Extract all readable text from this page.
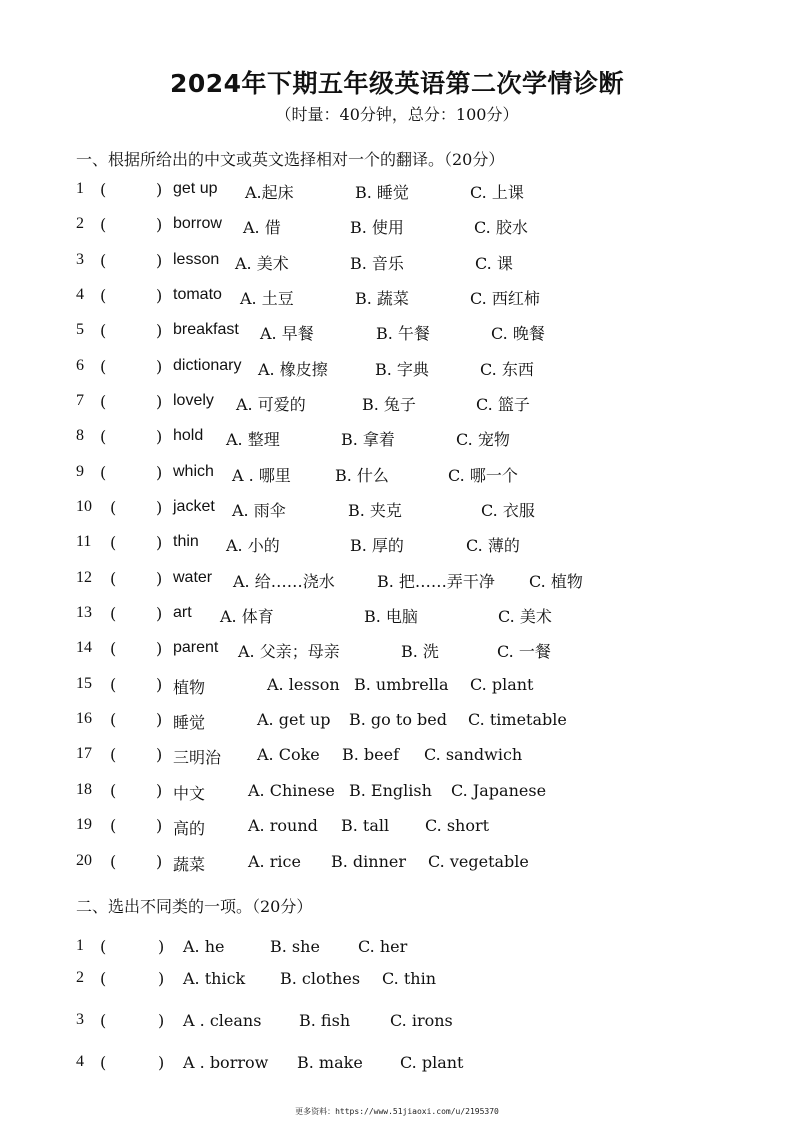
2024年下期五年级英语第二次学情诊断
（时量：40分钟，总分：100分）
一、根据所给出的中文或英文选择相对一个的翻译。（20分）
1 (	) get up A.起床	B. 睡觉	C. 上课
2 (	) borrow A. 借	B. 使用	C. 胶水
3 (	) lesson A. 美术	B. 音乐	C. 课
4 (	) tomato A. 土豆	B. 蔬菜	C. 西红柿
5 (	) breakfast A. 早餐	B. 午餐	C. 晚餐
6 (	) dictionary A. 橡皮擦	B. 字典	C. 东西
7 (	) lovely A. 可爱的	B. 兔子	C. 篮子
8 (	) hold A. 整理	B. 拿着	C. 宠物
9 (	) which A . 哪里	B. 什么	C. 哪一个
10 ( ) jacket A. 雨伞	B. 夹克	C. 衣服
11 ( ) thin A. 小的	B. 厚的	C. 薄的
12 ( ) water A. 给……浇水	B. 把……弄干净 C. 植物
13 ( ) art A. 体育	B. 电脑	C. 美术
14 ( ) parent A. 父亲；母亲	B. 洗	C. 一餐
15 ( ) 植物	A. lesson B. umbrella C. plant
16 ( ) 睡觉	A. get up B. go to bed C. timetable
17 ( ) 三明治 A. Coke B. beef C. sandwich
18 ( ) 中文	A. Chinese B. English C. Japanese
19 ( ) 高的	A. round B. tall C. short
20 ( ) 蔬菜	A. rice B. dinner C. vegetable
二、选出不同类的一项。（20分）
1 (	) A. he	B. she C. her
2 (	) A. thick B. clothes C. thin
3 (	) A . cleans B. fish C. irons
4 (	) A . borrow B. make C. plant
更多资料：https://www.51jiaoxi.com/u/2195370
